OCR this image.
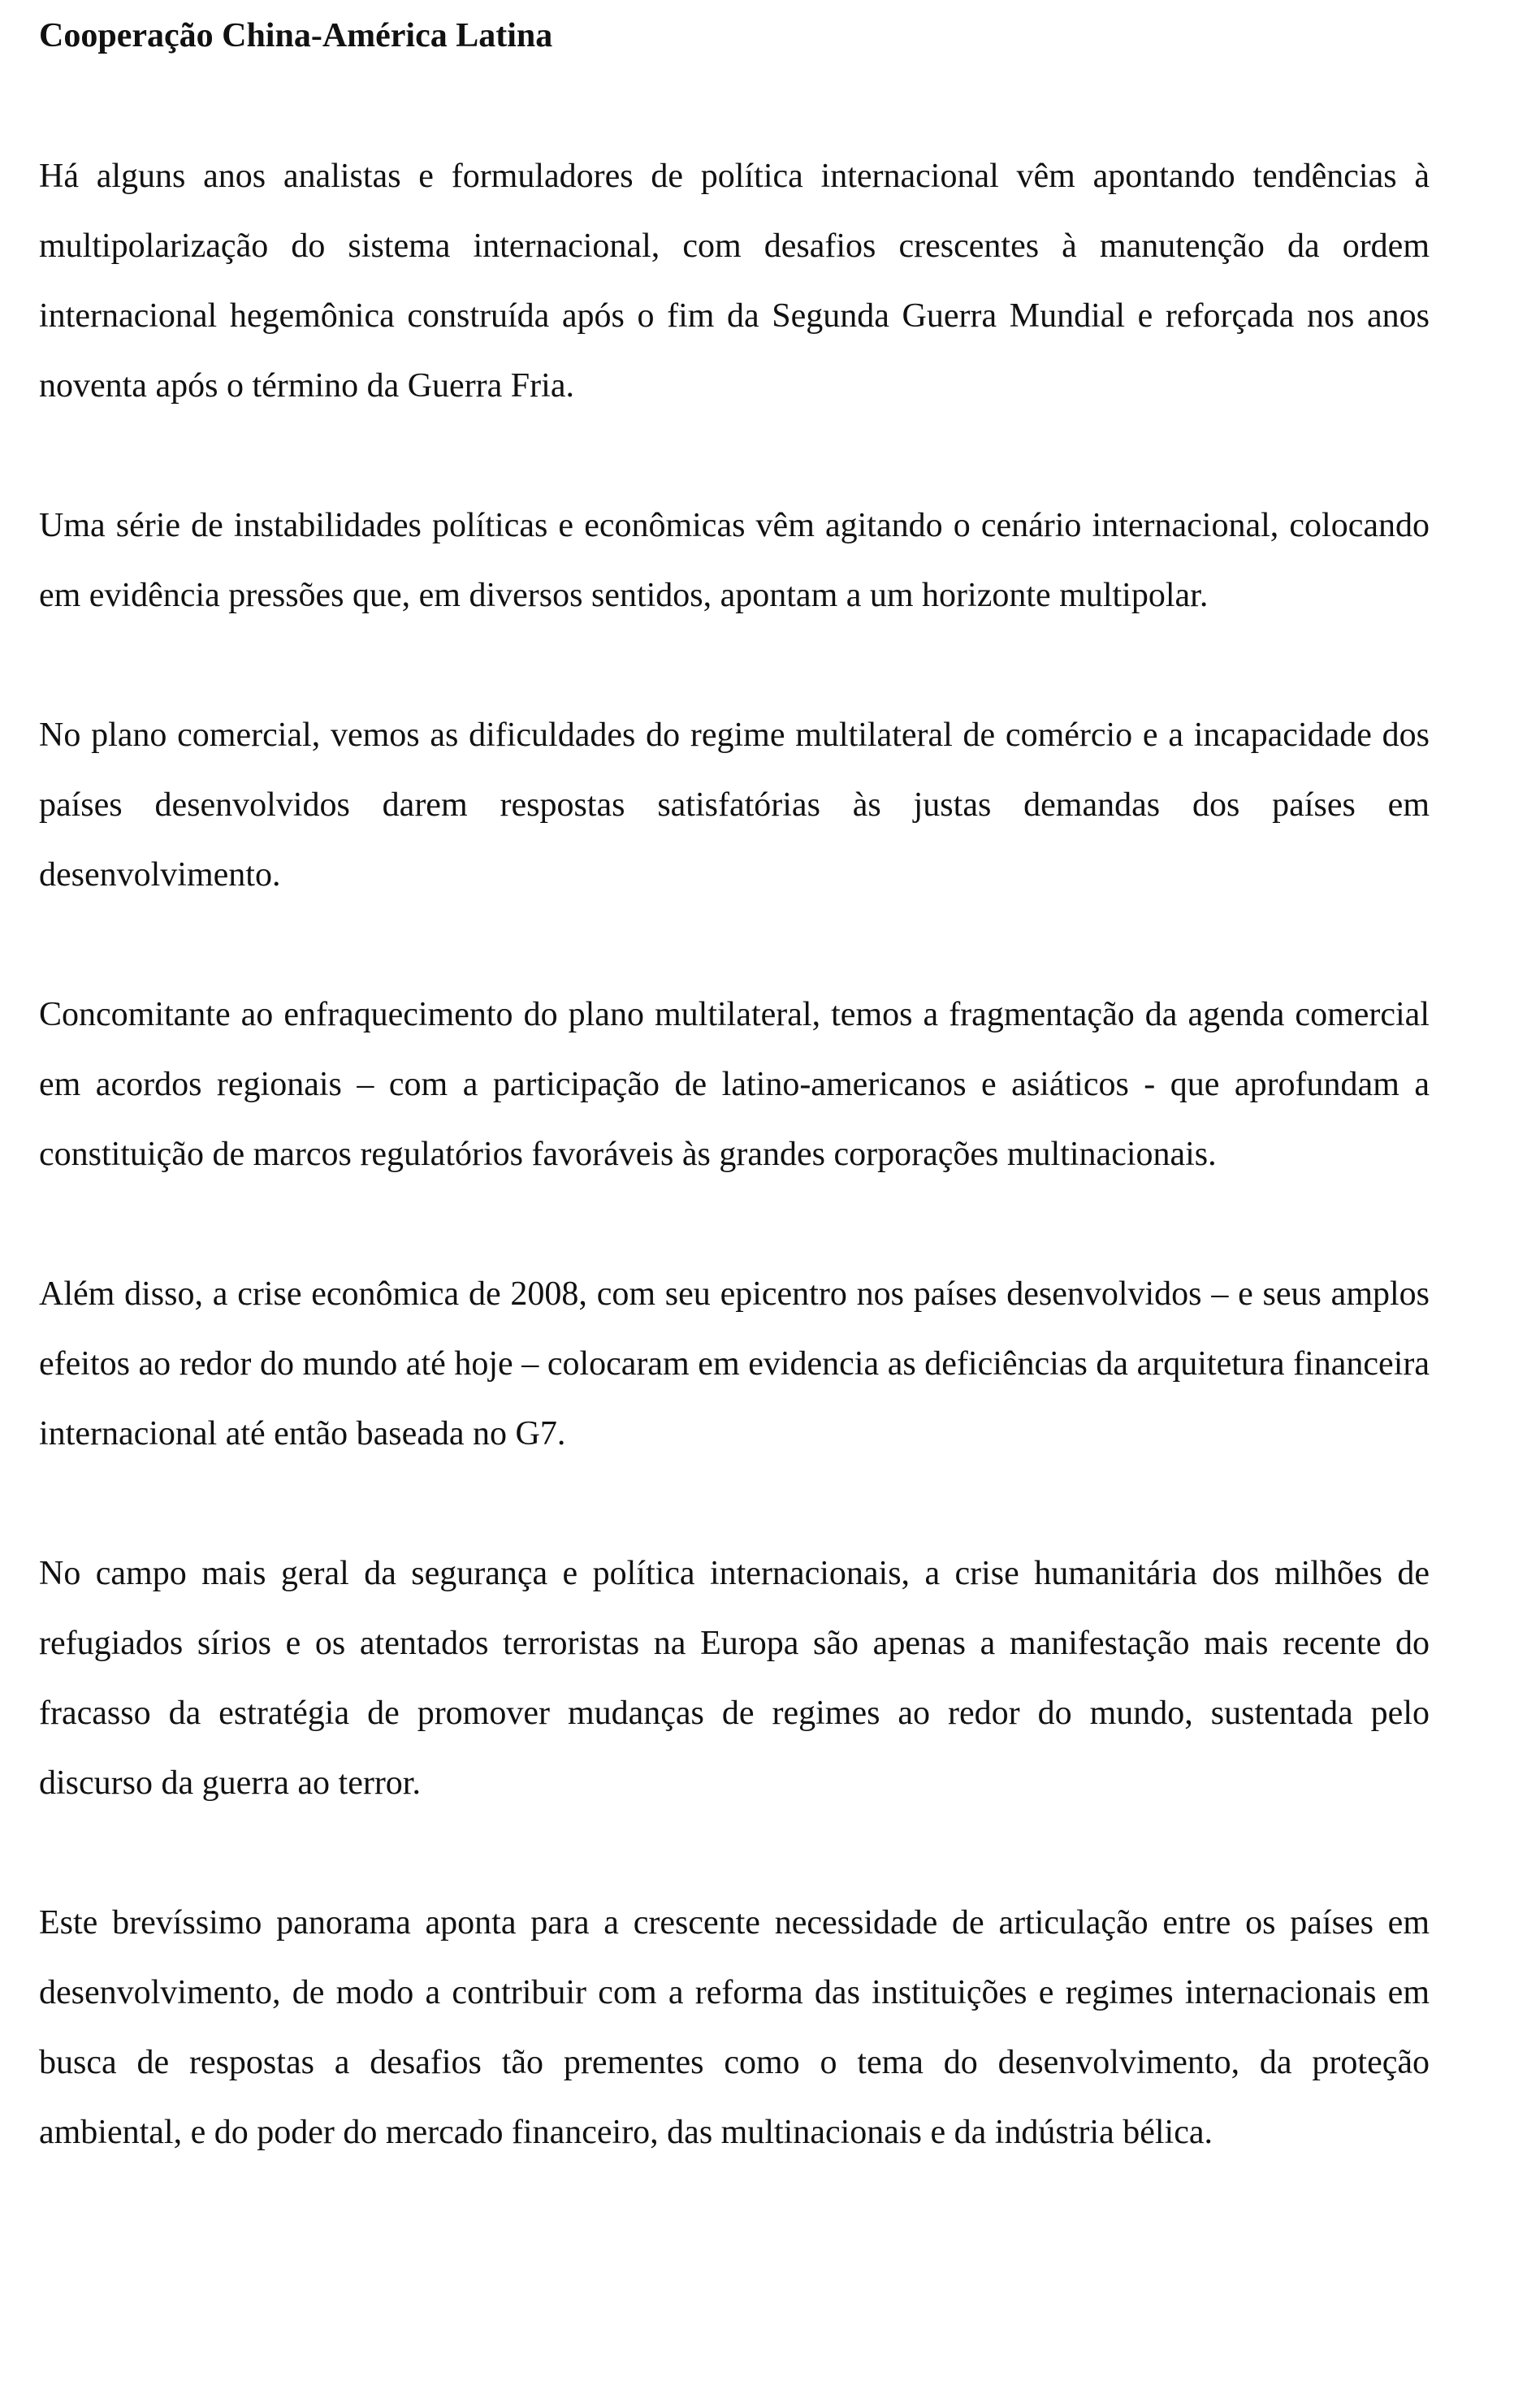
Cooperação China-América Latina

Há alguns anos analistas e formuladores de política internacional vêm apontando tendências à multipolarização do sistema internacional, com desafios crescentes à manutenção da ordem internacional hegemônica construída após o fim da Segunda Guerra Mundial e reforçada nos anos noventa após o término da Guerra Fria.

Uma série de instabilidades políticas e econômicas vêm agitando o cenário internacional, colocando em evidência pressões que, em diversos sentidos, apontam a um horizonte multipolar.

No plano comercial, vemos as dificuldades do regime multilateral de comércio e a incapacidade dos países desenvolvidos darem respostas satisfatórias às justas demandas dos países em desenvolvimento.

Concomitante ao enfraquecimento do plano multilateral, temos a fragmentação da agenda comercial em acordos regionais – com a participação de latino-americanos e asiáticos - que aprofundam a constituição de marcos regulatórios favoráveis às grandes corporações multinacionais.

Além disso, a crise econômica de 2008, com seu epicentro nos países desenvolvidos – e seus amplos efeitos ao redor do mundo até hoje – colocaram em evidencia as deficiências da arquitetura financeira internacional até então baseada no G7.

No campo mais geral da segurança e política internacionais, a crise humanitária dos milhões de refugiados sírios e os atentados terroristas na Europa são apenas a manifestação mais recente do fracasso da estratégia de promover mudanças de regimes ao redor do mundo, sustentada pelo discurso da guerra ao terror.

Este brevíssimo panorama aponta para a crescente necessidade de articulação entre os países em desenvolvimento, de modo a contribuir com a reforma das instituições e regimes internacionais em busca de respostas a desafios tão prementes como o tema do desenvolvimento, da proteção ambiental, e do poder do mercado financeiro, das multinacionais e da indústria bélica.
